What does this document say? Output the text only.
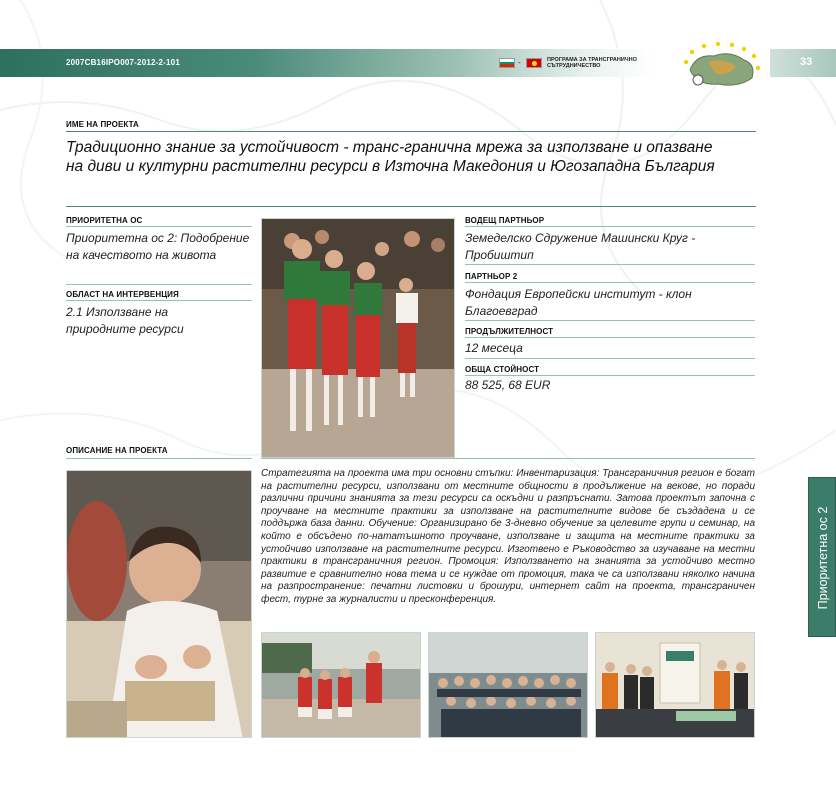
2007CB16IPO007-2012-2-101	-	ПРОГРАМА ЗА ТРАНСГРАНИЧНО СЪТРУДНИЧЕСТВО	33
ИМЕ НА ПРОЕКТА
Традиционно знание за устойчивост - транс-гранична мрежа за използване и опазване
на диви и културни растителни ресурси в Източна Македония и Югозападна България
ПРИОРИТЕТНА ОС
Приоритетна ос 2: Подобрение на качеството на живота
ОБЛАСТ НА ИНТЕРВЕНЦИЯ
2.1 Използване на природните ресурси
ВОДЕЩ ПАРТНЬОР
Земеделско Сдружение Машински Круг - Пробиштип
ПАРТНЬОР 2
Фондация Европейски институт - клон Благоевград
ПРОДЪЛЖИТЕЛНОСТ
12 месеца
ОБЩА СТОЙНОСТ
88 525, 68 EUR
ОПИСАНИЕ НА ПРОЕКТА
Стратегията на проекта има три основни стъпки: Инвентаризация: Трансграничния регион е богат на растителни ресурси, използвани от местните общности в продължение на векове, но поради различни причини знанията за тези ресурси са оскъдни и разпръснати. Затова проектът започна с проучване на местните практики за използване на растителните видове бе създадена и се поддържа база данни. Обучение: Организирано бе 3-дневно обучение за целевите групи и семинар, на който е обсъдено по-нататъшното проучване, използване и защита на местните практики за устойчиво използване на растителните ресурси. Изготвено е Ръководство за изучаване на местни практики в трансграничния регион. Промоция: Използването на знанията за устойчиво местно развитие е сравнително нова тема и се нуждае от промоция, така че са използвани няколко начина на разпространение: печатни листовки и брошури, интернет сайт на проекта, трансграничен фест, турне за журналисти и пресконференция.	Приоритетна ос 2
